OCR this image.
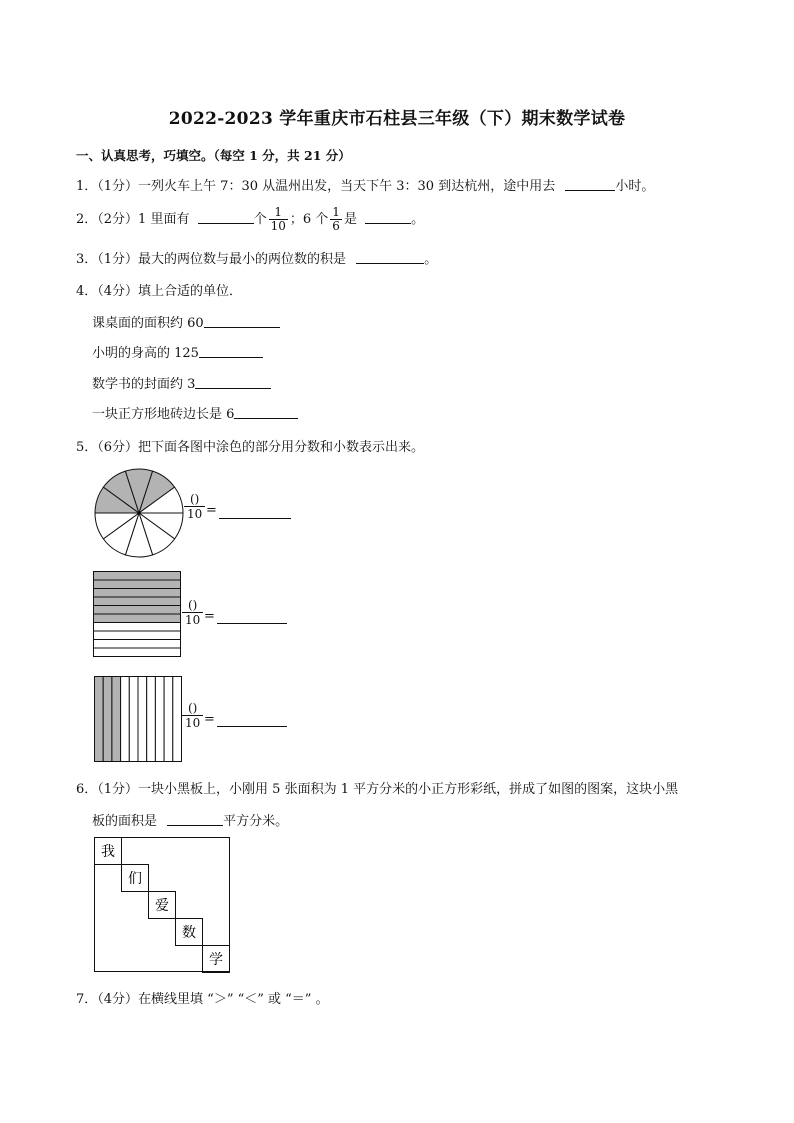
2022-2023 学年重庆市石柱县三年级（下）期末数学试卷
一、认真思考，巧填空。（每空 1 分，共 21 分）
1．（1分）一列火车上午 7：30 从温州出发，当天下午 3：30 到达杭州，途中用去	小时。
2．（2分）1 里面有	个 $\frac{1}{10}$ ；6 个 $\frac{1}{6}$ 是	。
3．（1分）最大的两位数与最小的两位数的积是	。
4．（4分）填上合适的单位．
课桌面的面积约 60
小明的身高的 125
数学书的封面约 3
一块正方形地砖边长是 6
5．（6分）把下面各图中涂色的部分用分数和小数表示出来。
()
10 =
()
10 =
()
10 =
6．（1分）一块小黑板上，小刚用 5 张面积为 1 平方分米的小正方形彩纸，拼成了如图的图案，这块小黑
板的面积是	平方分米。
我
们
爱
数
学
7．（4分）在横线里填 “＞” “＜” 或 “＝” 。
